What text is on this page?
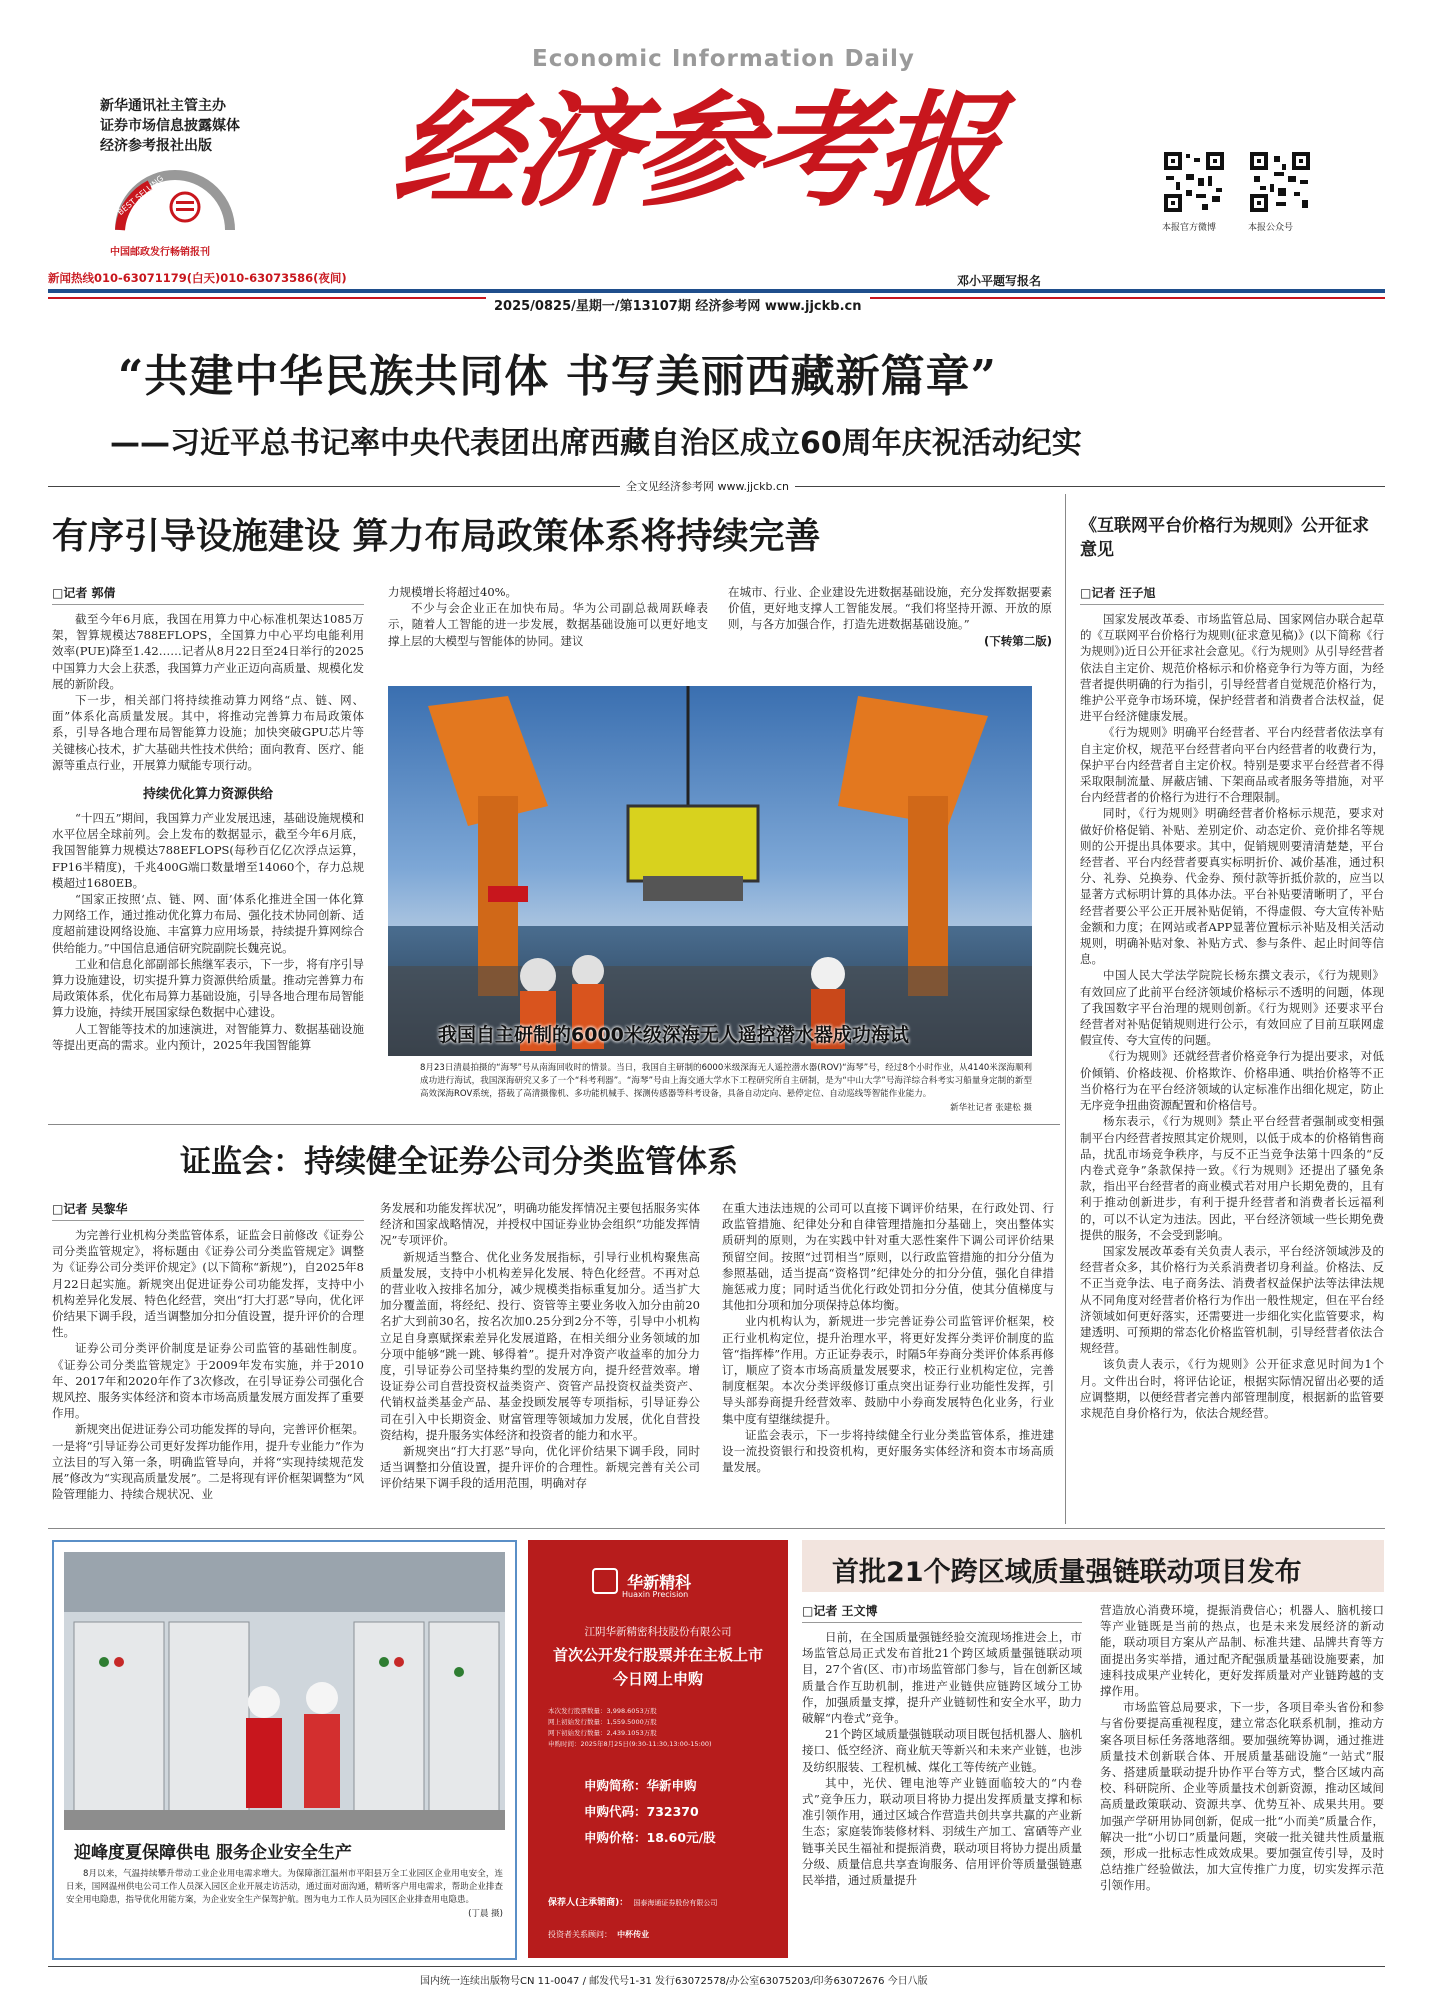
Economic Information Daily
新华通讯社主管主办
证券市场信息披露媒体
经济参考报社出版
BEST SELLING
中国邮政发行畅销报刊
经济参考报
本报官方微博	本报公众号
邓小平题写报名
新闻热线010-63071179(白天)010-63073586(夜间)
2025/0825/星期一/第13107期 经济参考网 www.jjckb.cn
“共建中华民族共同体 书写美丽西藏新篇章”
——习近平总书记率中央代表团出席西藏自治区成立60周年庆祝活动纪实
全文见经济参考网 www.jjckb.cn
有序引导设施建设 算力布局政策体系将持续完善
□记者 郭倩

截至今年6月底，我国在用算力中心标准机架达1085万架，智算规模达788EFLOPS，全国算力中心平均电能利用效率(PUE)降至1.42……记者从8月22日至24日举行的2025中国算力大会上获悉，我国算力产业正迈向高质量、规模化发展的新阶段。

下一步，相关部门将持续推动算力网络“点、链、网、面”体系化高质量发展。其中，将推动完善算力布局政策体系，引导各地合理布局智能算力设施；加快突破GPU芯片等关键核心技术，扩大基础共性技术供给；面向教育、医疗、能源等重点行业，开展算力赋能专项行动。

持续优化算力资源供给

“十四五”期间，我国算力产业发展迅速，基础设施规模和水平位居全球前列。会上发布的数据显示，截至今年6月底，我国智能算力规模达788EFLOPS(每秒百亿亿次浮点运算，FP16半精度)，千兆400G端口数量增至14060个，存力总规模超过1680EB。

“国家正按照‘点、链、网、面’体系化推进全国一体化算力网络工作，通过推动优化算力布局、强化技术协同创新、适度超前建设网络设施、丰富算力应用场景，持续提升算网综合供给能力。”中国信息通信研究院副院长魏亮说。

工业和信息化部副部长熊继军表示，下一步，将有序引导算力设施建设，切实提升算力资源供给质量。推动完善算力布局政策体系，优化布局算力基础设施，引导各地合理布局智能算力设施，持续开展国家绿色数据中心建设。

人工智能等技术的加速演进，对智能算力、数据基础设施等提出更高的需求。业内预计，2025年我国智能算

力规模增长将超过40%。

不少与会企业正在加快布局。华为公司副总裁周跃峰表示，随着人工智能的进一步发展，数据基础设施可以更好地支撑上层的大模型与智能体的协同。建议

在城市、行业、企业建设先进数据基础设施，充分发挥数据要素价值，更好地支撑人工智能发展。“我们将坚持开源、开放的原则，与各方加强合作，打造先进数据基础设施。”

(下转第二版)
我国自主研制的6000米级深海无人遥控潜水器成功海试

8月23日清晨拍摄的“海琴”号从南海回收时的情景。当日，我国自主研制的6000米级深海无人遥控潜水器(ROV)“海琴”号，经过8个小时作业，从4140米深海顺利成功进行海试，我国深海研究又多了一个“科考利器”。“海琴”号由上海交通大学水下工程研究所自主研制，是为“中山大学”号海洋综合科考实习船量身定制的新型高效深海ROV系统，搭载了高清摄像机、多功能机械手、探测传感器等科考设备，具备自动定向、悬停定位、自动巡线等智能作业能力。

新华社记者 张建松 摄
证监会：持续健全证券公司分类监管体系
□记者 吴黎华

为完善行业机构分类监管体系，证监会日前修改《证券公司分类监管规定》，将标题由《证券公司分类监管规定》调整为《证券公司分类评价规定》(以下简称“新规”)，自2025年8月22日起实施。新规突出促进证券公司功能发挥，支持中小机构差异化发展、特色化经营，突出“打大打恶”导向，优化评价结果下调手段，适当调整加分扣分值设置，提升评价的合理性。

证券公司分类评价制度是证券公司监管的基础性制度。《证券公司分类监管规定》于2009年发布实施，并于2010年、2017年和2020年作了3次修改，在引导证券公司强化合规风控、服务实体经济和资本市场高质量发展方面发挥了重要作用。

新规突出促进证券公司功能发挥的导向，完善评价框架。一是将“引导证券公司更好发挥功能作用，提升专业能力”作为立法目的写入第一条，明确监管导向，并将“实现持续规范发展”修改为“实现高质量发展”。二是将现有评价框架调整为“风险管理能力、持续合规状况、业

务发展和功能发挥状况”，明确功能发挥情况主要包括服务实体经济和国家战略情况，并授权中国证券业协会组织“功能发挥情况”专项评价。

新规适当整合、优化业务发展指标，引导行业机构聚焦高质量发展，支持中小机构差异化发展、特色化经营。不再对总的营业收入按排名加分，减少规模类指标重复加分。适当扩大加分覆盖面，将经纪、投行、资管等主要业务收入加分由前20名扩大到前30名，按名次加0.25分到2分不等，引导中小机构立足自身禀赋探索差异化发展道路，在相关细分业务领域的加分项中能够“跳一跳、够得着”。提升对净资产收益率的加分力度，引导证券公司坚持集约型的发展方向，提升经营效率。增设证券公司自营投资权益类资产、资管产品投资权益类资产、代销权益类基金产品、基金投顾发展等专项指标，引导证券公司在引入中长期资金、财富管理等领域加力发展，优化自营投资结构，提升服务实体经济和投资者的能力和水平。

新规突出“打大打恶”导向，优化评价结果下调手段，同时适当调整扣分值设置，提升评价的合理性。新规完善有关公司评价结果下调手段的适用范围，明确对存

在重大违法违规的公司可以直接下调评价结果，在行政处罚、行政监管措施、纪律处分和自律管理措施扣分基础上，突出整体实质研判的原则，为在实践中针对重大恶性案件下调公司评价结果预留空间。按照“过罚相当”原则，以行政监管措施的扣分分值为参照基础，适当提高“资格罚”纪律处分的扣分分值，强化自律措施惩戒力度；同时适当优化行政处罚扣分分值，使其分值梯度与其他扣分项和加分项保持总体均衡。

业内机构认为，新规进一步完善证券公司监管评价框架，校正行业机构定位，提升治理水平，将更好发挥分类评价制度的监管“指挥棒”作用。方正证券表示，时隔5年券商分类评价体系再修订，顺应了资本市场高质量发展要求，校正行业机构定位，完善制度框架。本次分类评级修订重点突出证券行业功能性发挥，引导头部券商提升经营效率、鼓励中小券商发展特色化业务，行业集中度有望继续提升。

证监会表示，下一步将持续健全行业分类监管体系，推进建设一流投资银行和投资机构，更好服务实体经济和资本市场高质量发展。

《互联网平台价格行为规则》公开征求意见
□记者 汪子旭

国家发展改革委、市场监管总局、国家网信办联合起草的《互联网平台价格行为规则(征求意见稿)》(以下简称《行为规则》)近日公开征求社会意见。《行为规则》从引导经营者依法自主定价、规范价格标示和价格竞争行为等方面，为经营者提供明确的行为指引，引导经营者自觉规范价格行为，维护公平竞争市场环境，保护经营者和消费者合法权益，促进平台经济健康发展。

《行为规则》明确平台经营者、平台内经营者依法享有自主定价权，规范平台经营者向平台内经营者的收费行为，保护平台内经营者自主定价权。特别是要求平台经营者不得采取限制流量、屏蔽店铺、下架商品或者服务等措施，对平台内经营者的价格行为进行不合理限制。

同时，《行为规则》明确经营者价格标示规范，要求对做好价格促销、补贴、差别定价、动态定价、竞价排名等规则的公开提出具体要求。其中，促销规则要清清楚楚，平台经营者、平台内经营者要真实标明折价、减价基准，通过积分、礼券、兑换券、代金券、预付款等折抵价款的，应当以显著方式标明计算的具体办法。平台补贴要清晰明了，平台经营者要公平公正开展补贴促销，不得虚假、夸大宣传补贴金额和力度；在网站或者APP显著位置标示补贴及相关活动规则，明确补贴对象、补贴方式、参与条件、起止时间等信息。

中国人民大学法学院院长杨东撰文表示，《行为规则》有效回应了此前平台经济领域价格标示不透明的问题，体现了我国数字平台治理的规则创新。《行为规则》还要求平台经营者对补贴促销规则进行公示，有效回应了目前互联网虚假宣传、夸大宣传的问题。

《行为规则》还就经营者价格竞争行为提出要求，对低价倾销、价格歧视、价格欺诈、价格串通、哄抬价格等不正当价格行为在平台经济领域的认定标准作出细化规定，防止无序竞争扭曲资源配置和价格信号。

杨东表示，《行为规则》禁止平台经营者强制或变相强制平台内经营者按照其定价规则，以低于成本的价格销售商品，扰乱市场竞争秩序，与反不正当竞争法第十四条的“反内卷式竞争”条款保持一致。《行为规则》还提出了骚免条款，指出平台经营者的商业模式若对用户长期免费的，且有利于推动创新进步，有利于提升经营者和消费者长远福利的，可以不认定为违法。因此，平台经济领域一些长期免费提供的服务，不会受到影响。

国家发展改革委有关负责人表示，平台经济领域涉及的经营者众多，其价格行为关系消费者切身利益。价格法、反不正当竞争法、电子商务法、消费者权益保护法等法律法规从不同角度对经营者价格行为作出一般性规定，但在平台经济领域如何更好落实，还需要进一步细化实化监管要求，构建透明、可预期的常态化价格监管机制，引导经营者依法合规经营。

该负责人表示，《行为规则》公开征求意见时间为1个月。文件出台时，将评估论证，根据实际情况留出必要的适应调整期，以便经营者完善内部管理制度，根据新的监管要求规范自身价格行为，依法合规经营。

迎峰度夏保障供电 服务企业安全生产

8月以来，气温持续攀升带动工业企业用电需求增大。为保障浙江温州市平阳县万全工业园区企业用电安全，连日来，国网温州供电公司工作人员深入园区企业开展走访活动，通过面对面沟通，精听客户用电需求，帮助企业排查安全用电隐患，指导优化用能方案，为企业安全生产保驾护航。图为电力工作人员为园区企业排查用电隐患。

(丁晨 摄)
华新精科
Huaxin Precision
江阴华新精密科技股份有限公司
首次公开发行股票并在主板上市
今日网上申购
本次发行股票数量：3,998.6053万股
网上初始发行数量：1,559.5000万股
网下初始发行数量：2,439.1053万股
申购时间：2025年8月25日(9:30-11:30,13:00-15:00)
申购简称：华新申购
申购代码：732370
申购价格：18.60元/股
保荐人(主承销商)： 国泰海通证券股份有限公司
投资者关系顾问： 中杯传业
首批21个跨区域质量强链联动项目发布
□记者 王文博

日前，在全国质量强链经验交流现场推进会上，市场监管总局正式发布首批21个跨区域质量强链联动项目，27个省(区、市)市场监管部门参与，旨在创新区域质量合作互助机制，推进产业链供应链跨区域分工协作，加强质量支撑，提升产业链韧性和安全水平，助力破解“内卷式”竞争。

21个跨区域质量强链联动项目既包括机器人、脑机接口、低空经济、商业航天等新兴和未来产业链，也涉及纺织服装、工程机械、煤化工等传统产业链。

其中，光伏、锂电池等产业链面临较大的“内卷式”竞争压力，联动项目将协力提出发挥质量支撑和标准引领作用，通过区域合作营造共创共享共赢的产业新生态；家庭装饰装修材料、羽绒生产加工、富硒等产业链事关民生福祉和提振消费，联动项目将协力提出质量分级、质量信息共享查询服务、信用评价等质量强链惠民举措，通过质量提升

营造放心消费环境，提振消费信心；机器人、脑机接口等产业链既是当前的热点，也是未来发展经济的新动能，联动项目方案从产品制、标准共建、品牌共育等方面提出务实举措，通过配齐配强质量基础设施要素，加速科技成果产业转化，更好发挥质量对产业链跨越的支撑作用。

市场监管总局要求，下一步，各项目牵头省份和参与省份要提高重视程度，建立常态化联系机制，推动方案各项目标任务落地落细。要加强统筹协调，通过推进质量技术创新联合体、开展质量基础设施“一站式”服务、搭建质量联动提升协作平台等方式，整合区域内高校、科研院所、企业等质量技术创新资源，推动区域间高质量政策联动、资源共享、优势互补、成果共用。要加强产学研用协同创新，促成一批“小而美”质量合作，解决一批“小切口”质量问题，突破一批关键共性质量瓶颈，形成一批标志性成效成果。要加强宣传引导，及时总结推广经验做法，加大宣传推广力度，切实发挥示范引领作用。

国内统一连续出版物号CN 11-0047 / 邮发代号1-31 发行63072578/办公室63075203/印务63072676 今日八版
